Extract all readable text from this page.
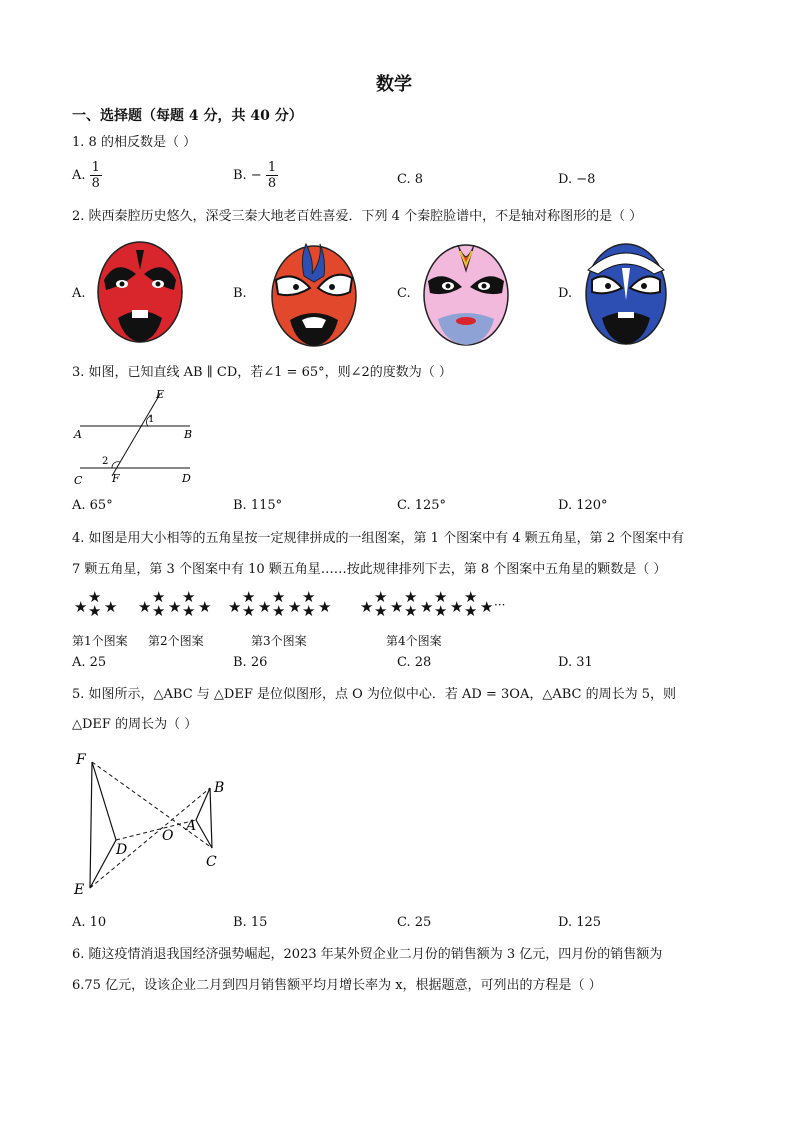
数学
一、选择题（每题 4 分，共 40 分）
1. 8 的相反数是（ ）
A. $\frac{1}{8}$	B. − $\frac{1}{8}$	C. 8	D. −8
2. 陕西秦腔历史悠久，深受三秦大地老百姓喜爱．下列 4 个秦腔脸谱中，不是轴对称图形的是（ ）
A.	B.	C.	D.
3. 如图，已知直线 AB ∥ CD，若∠1 = 65°，则∠2的度数为（ ）
E
1
A	B
2
C	F	D
A. 65°	B. 115°	C. 125°	D. 120°
4. 如图是用大小相等的五角星按一定规律拼成的一组图案，第 1 个图案中有 4 颗五角星，第 2 个图案中有
7 颗五角星，第 3 个图案中有 10 颗五角星……按此规律排列下去，第 8 个图案中五角星的颗数是（ ）
★
★ ★ ★
★ ★
★ ★ ★ ★ ★
★ ★ ★
★ ★ ★ ★ ★ ★ ★
★ ★ ★ ★
★ ★ ★ ★ ★ ★ ★ ★ ★ ···
第1个图案 第2个图案	第3个图案	第4个图案
A. 25	B. 26	C. 28	D. 31
5. 如图所示，△ABC 与 △DEF 是位似图形，点 O 为位似中心．若 AD = 3OA，△ABC 的周长为 5，则
△DEF 的周长为（ ）
F
B
A
O
D
C
E
A. 10	B. 15	C. 25	D. 125
6. 随这疫情消退我国经济强势崛起，2023 年某外贸企业二月份的销售额为 3 亿元，四月份的销售额为
6.75 亿元，设该企业二月到四月销售额平均月增长率为 x，根据题意，可列出的方程是（ ）
